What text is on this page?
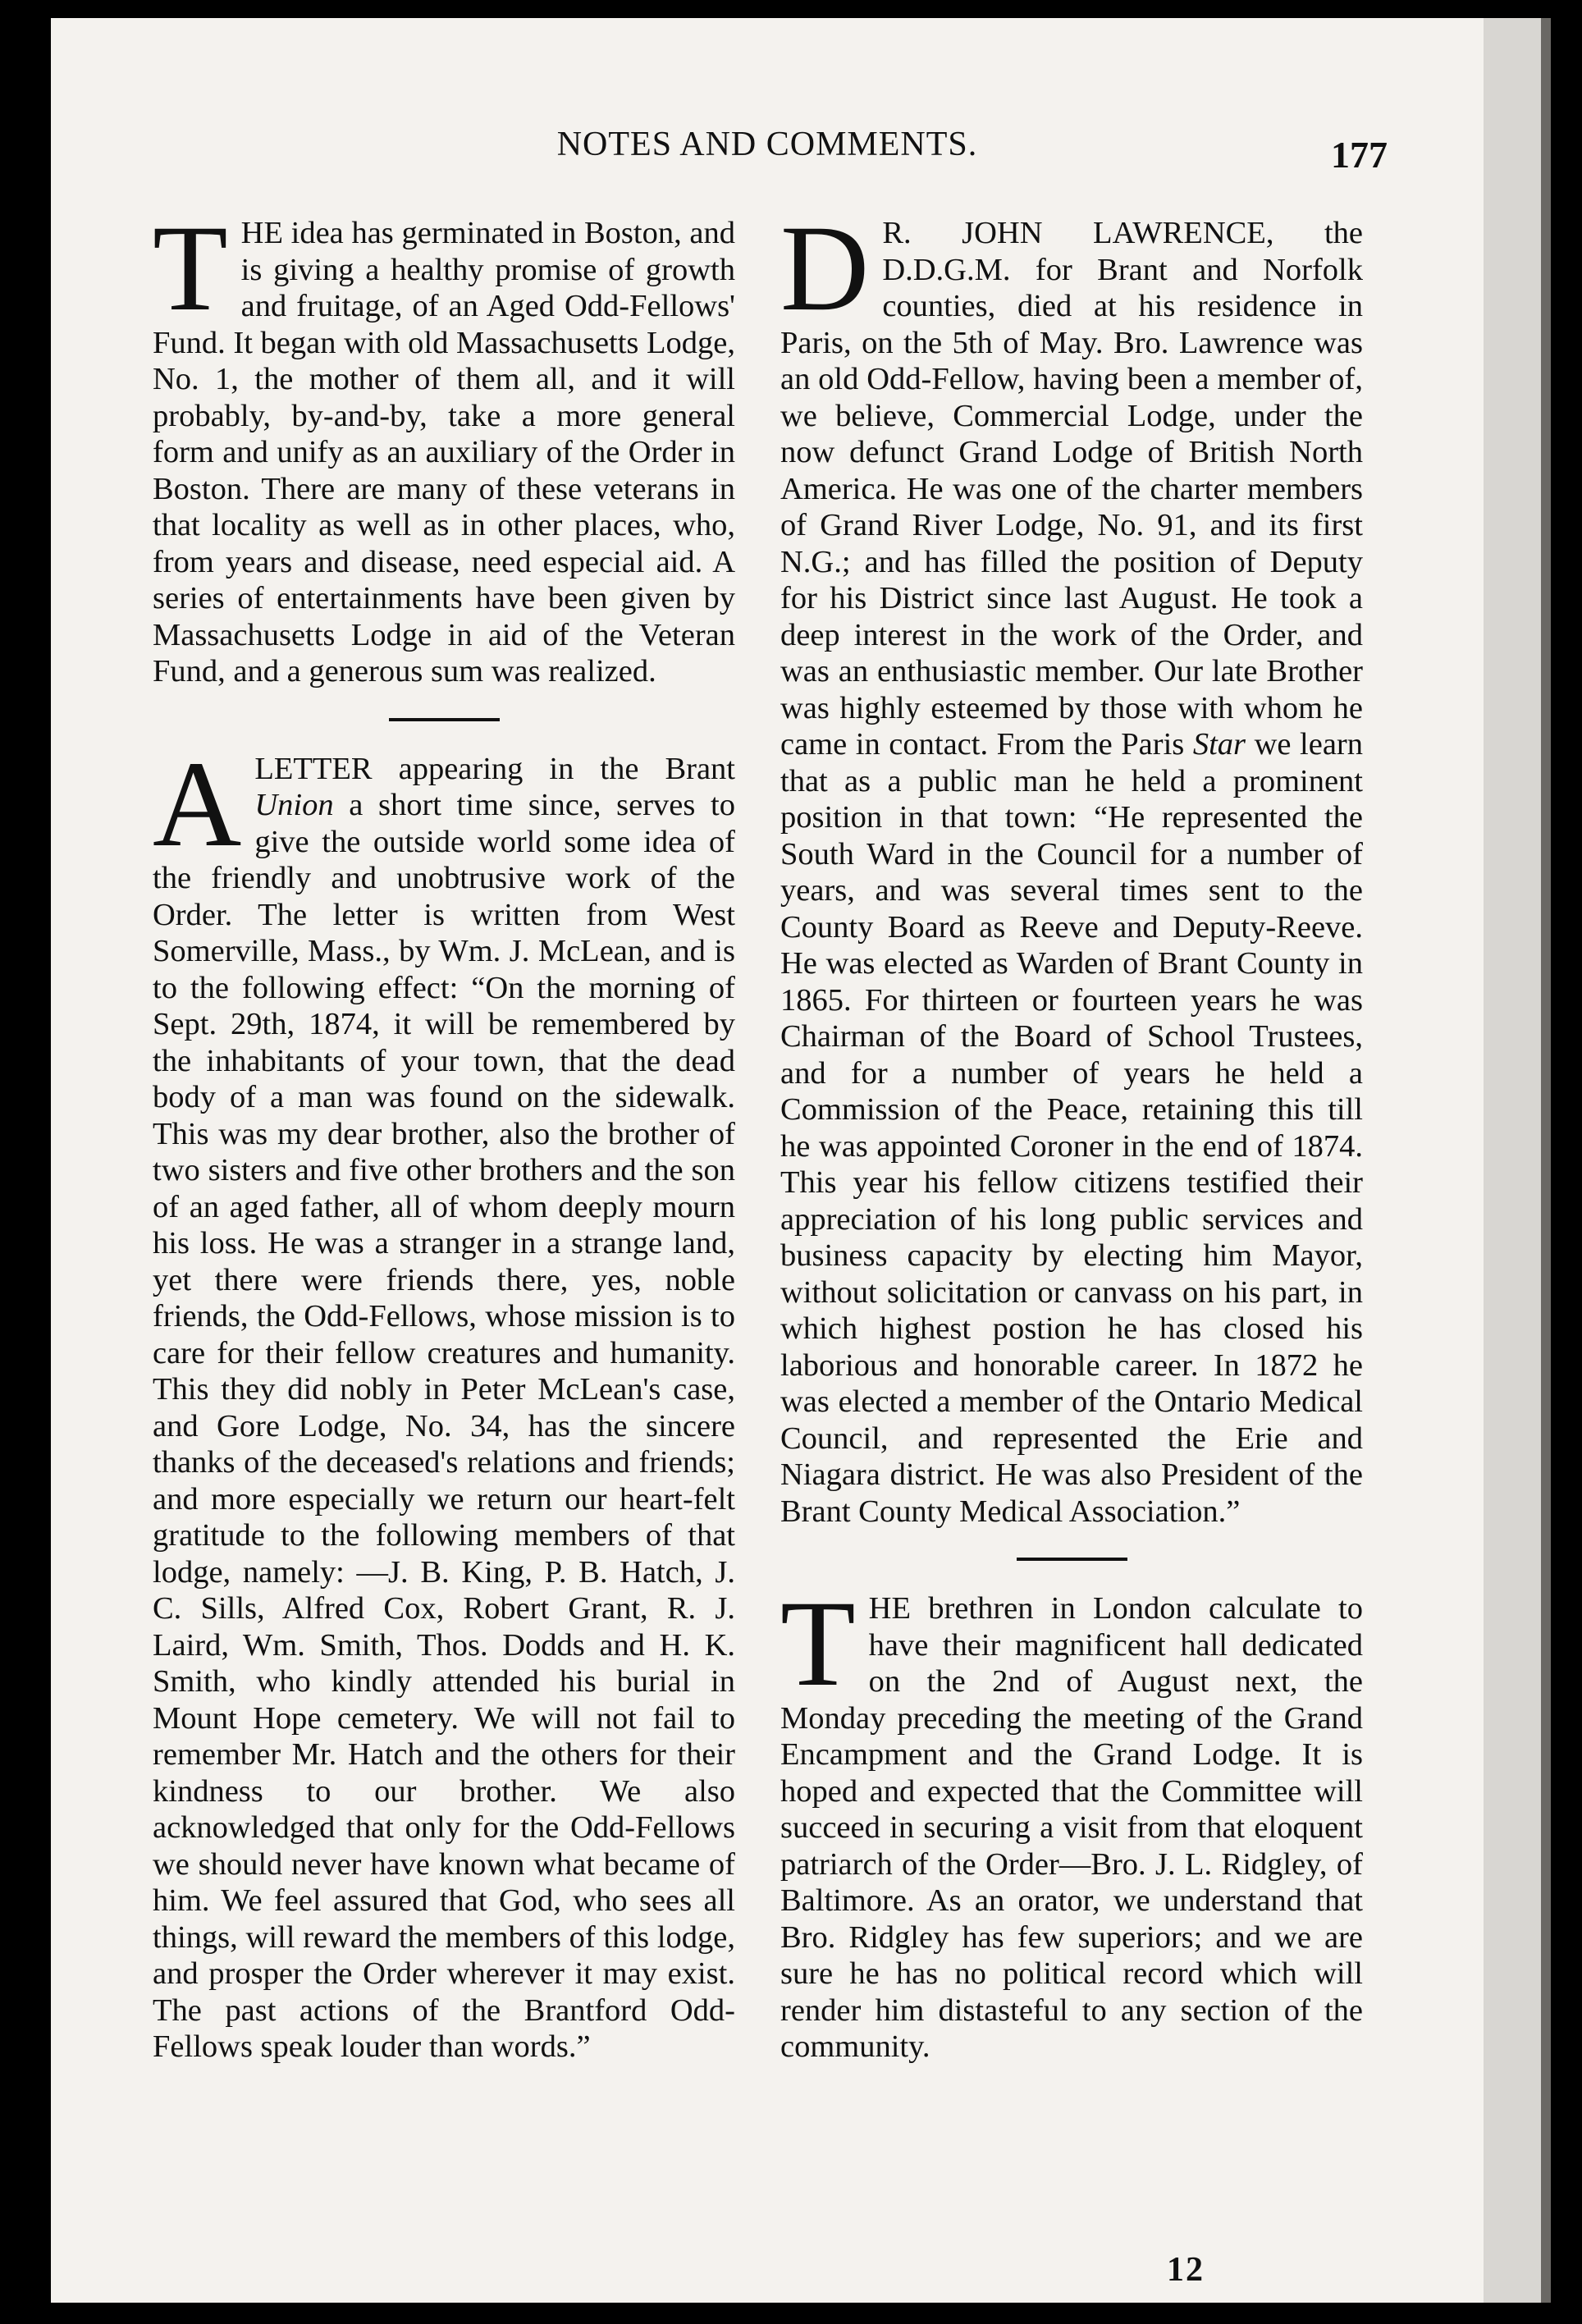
NOTES AND COMMENTS.	177

THE idea has germinated in Boston, and is giving a healthy promise of growth and fruitage, of an Aged Odd-Fellows' Fund. It began with old Massachusetts Lodge, No. 1, the mother of them all, and it will probably, by-and-by, take a more general form and unify as an auxiliary of the Order in Boston. There are many of these veterans in that locality as well as in other places, who, from years and disease, need especial aid. A series of entertainments have been given by Massachusetts Lodge in aid of the Veteran Fund, and a generous sum was realized.

ALETTER appearing in the Brant Union a short time since, serves to give the outside world some idea of the friendly and unobtrusive work of the Order. The letter is written from West Somerville, Mass., by Wm. J. McLean, and is to the following effect: “On the morning of Sept. 29th, 1874, it will be remembered by the inhabitants of your town, that the dead body of a man was found on the sidewalk. This was my dear brother, also the brother of two sisters and five other brothers and the son of an aged father, all of whom deeply mourn his loss. He was a stranger in a strange land, yet there were friends there, yes, noble friends, the Odd-Fellows, whose mission is to care for their fellow creatures and humanity. This they did nobly in Peter McLean's case, and Gore Lodge, No. 34, has the sincere thanks of the deceased's relations and friends; and more especially we return our heart-felt gratitude to the following members of that lodge, namely: —J. B. King, P. B. Hatch, J. C. Sills, Alfred Cox, Robert Grant, R. J. Laird, Wm. Smith, Thos. Dodds and H. K. Smith, who kindly attended his burial in Mount Hope cemetery. We will not fail to remember Mr. Hatch and the others for their kindness to our brother. We also acknowledged that only for the Odd-Fellows we should never have known what became of him. We feel assured that God, who sees all things, will reward the members of this lodge, and prosper the Order wherever it may exist. The past actions of the Brantford Odd-Fellows speak louder than words.”

D R. JOHN LAWRENCE, the D.D.G.M. for Brant and Norfolk counties, died at his residence in Paris, on the 5th of May. Bro. Lawrence was an old Odd-Fellow, having been a member of, we believe, Commercial Lodge, under the now defunct Grand Lodge of British North America. He was one of the charter members of Grand River Lodge, No. 91, and its first N.G.; and has filled the position of Deputy for his District since last August. He took a deep interest in the work of the Order, and was an enthusiastic member. Our late Brother was highly esteemed by those with whom he came in contact. From the Paris Star we learn that as a public man he held a prominent position in that town: “He represented the South Ward in the Council for a number of years, and was several times sent to the County Board as Reeve and Deputy-Reeve. He was elected as Warden of Brant County in 1865. For thirteen or fourteen years he was Chairman of the Board of School Trustees, and for a number of years he held a Commission of the Peace, retaining this till he was appointed Coroner in the end of 1874. This year his fellow citizens testified their appreciation of his long public services and business capacity by electing him Mayor, without solicitation or canvass on his part, in which highest postion he has closed his laborious and honorable career. In 1872 he was elected a member of the Ontario Medical Council, and represented the Erie and Niagara district. He was also President of the Brant County Medical Association.”

THE brethren in London calculate to have their magnificent hall dedicated on the 2nd of August next, the Monday preceding the meeting of the Grand Encampment and the Grand Lodge. It is hoped and expected that the Committee will succeed in securing a visit from that eloquent patriarch of the Order—Bro. J. L. Ridgley, of Baltimore. As an orator, we understand that Bro. Ridgley has few superiors; and we are sure he has no political record which will render him distasteful to any section of the community.

12
